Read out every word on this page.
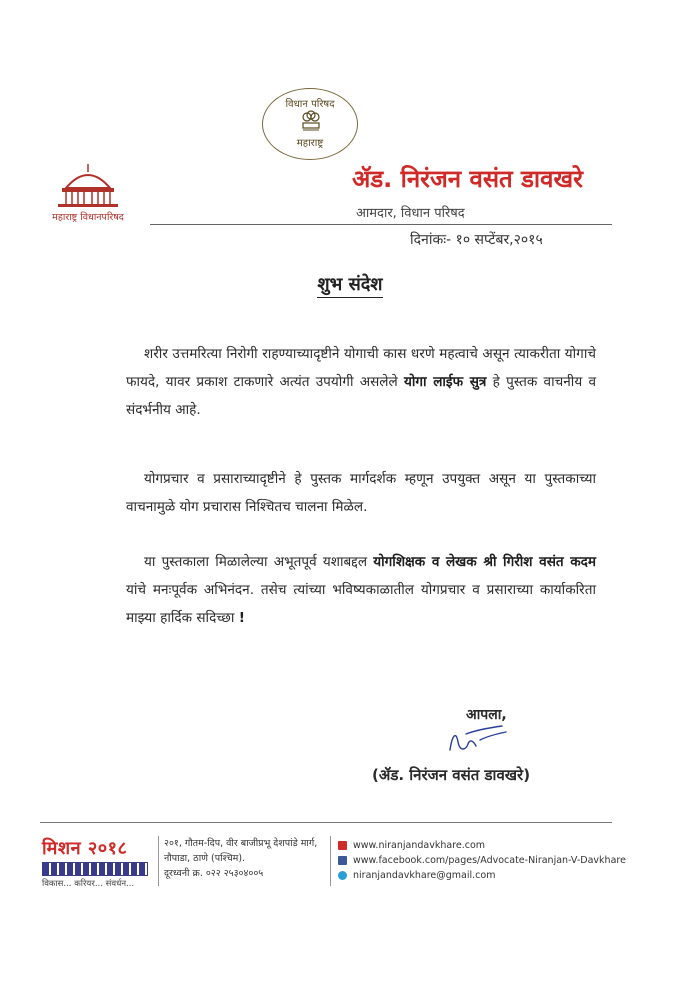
विधान परिषद
महाराष्ट्र
महाराष्ट्र विधानपरिषद
ॲड. निरंजन वसंत डावखरे
आमदार, विधान परिषद
दिनांकः- १० सप्टेंबर,२०१५
शुभ संदेश

शरीर उत्तमरित्या निरोगी राहण्याच्यादृष्टीने योगाची कास धरणे महत्वाचे असून त्याकरीता योगाचे फायदे, यावर प्रकाश टाकणारे अत्यंत उपयोगी असलेले योगा लाईफ सुत्र हे पुस्तक वाचनीय व संदर्भनीय आहे.

योगप्रचार व प्रसाराच्यादृष्टीने हे पुस्तक मार्गदर्शक म्हणून उपयुक्त असून या पुस्तकाच्या वाचनामुळे योग प्रचारास निश्चितच चालना मिळेल.

या पुस्तकाला मिळालेल्या अभूतपूर्व यशाबद्दल योगशिक्षक व लेखक श्री गिरीश वसंत कदम यांचे मनःपूर्वक अभिनंदन. तसेच त्यांच्या भविष्यकाळातील योगप्रचार व प्रसाराच्या कार्याकरिता माझ्या हार्दिक सदिच्छा !

आपला,
(ॲड. निरंजन वसंत डावखरे)
मिशन २०१८
विकास... करियर... संवर्धन...
२०१, गौतम-दिप, वीर बाजीप्रभू देशपांडे मार्ग,
नौपाडा, ठाणे (पश्चिम).
दूरध्वनी क्र. ०२२ २५३०४००५
www.niranjandavkhare.com
www.facebook.com/pages/Advocate-Niranjan-V-Davkhare
niranjandavkhare@gmail.com
